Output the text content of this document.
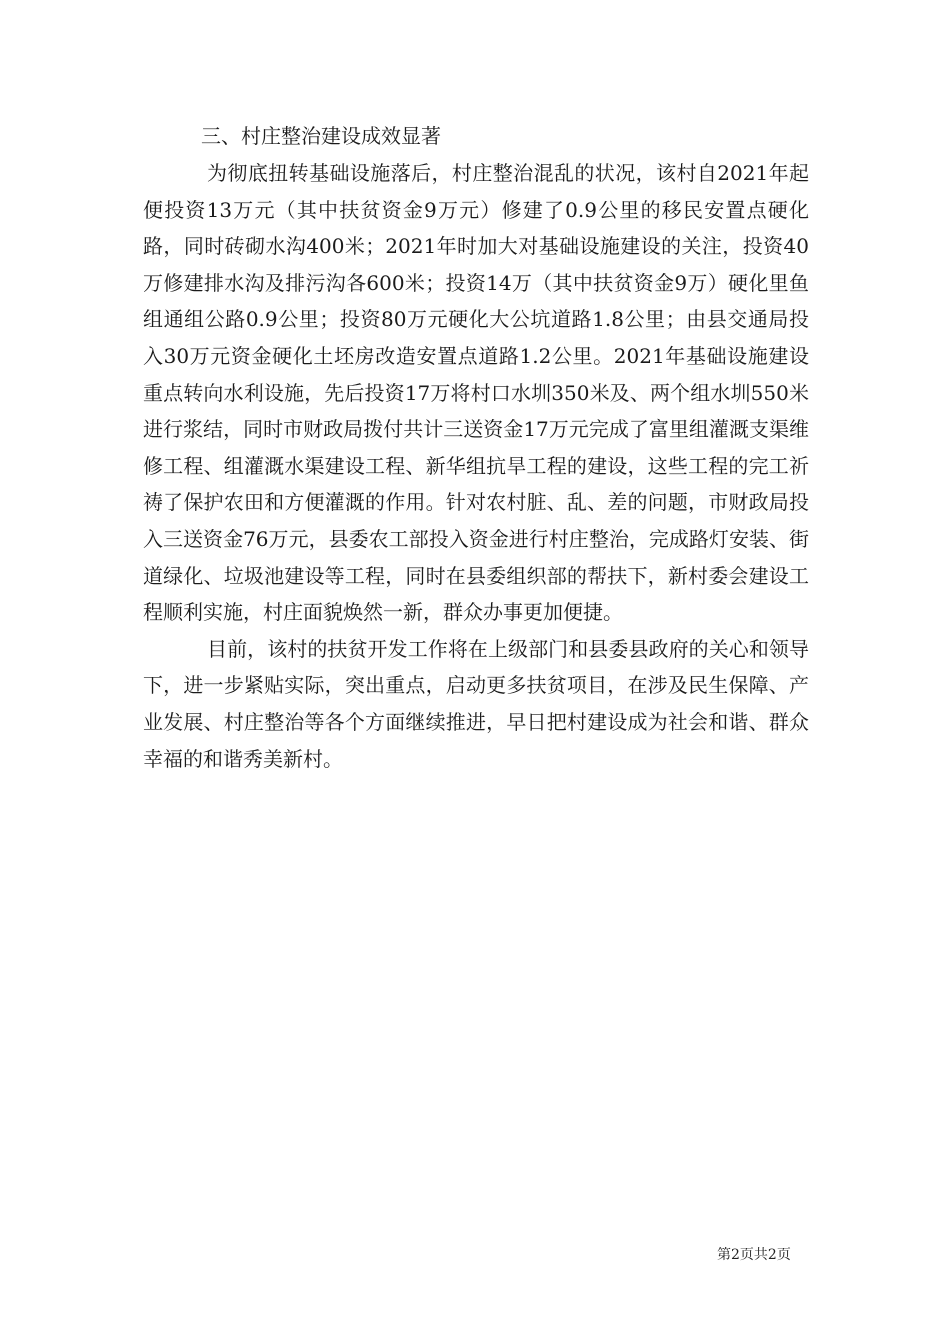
三、村庄整治建设成效显著

为彻底扭转基础设施落后，村庄整治混乱的状况，该村自2021年起便投资13万元（其中扶贫资金9万元）修建了0.9公里的移民安置点硬化路，同时砖砌水沟400米；2021年时加大对基础设施建设的关注，投资40万修建排水沟及排污沟各600米；投资14万（其中扶贫资金9万）硬化里鱼组通组公路0.9公里；投资80万元硬化大公坑道路1.8公里；由县交通局投入30万元资金硬化土坯房改造安置点道路1.2公里。2021年基础设施建设重点转向水利设施，先后投资17万将村口水圳350米及、两个组水圳550米进行浆结，同时市财政局拨付共计三送资金17万元完成了富里组灌溉支渠维修工程、组灌溉水渠建设工程、新华组抗旱工程的建设，这些工程的完工祈祷了保护农田和方便灌溉的作用。针对农村脏、乱、差的问题，市财政局投入三送资金76万元，县委农工部投入资金进行村庄整治，完成路灯安装、街道绿化、垃圾池建设等工程，同时在县委组织部的帮扶下，新村委会建设工程顺利实施，村庄面貌焕然一新，群众办事更加便捷。

目前，该村的扶贫开发工作将在上级部门和县委县政府的关心和领导下，进一步紧贴实际，突出重点，启动更多扶贫项目，在涉及民生保障、产业发展、村庄整治等各个方面继续推进，早日把村建设成为社会和谐、群众幸福的和谐秀美新村。

第2页共2页
